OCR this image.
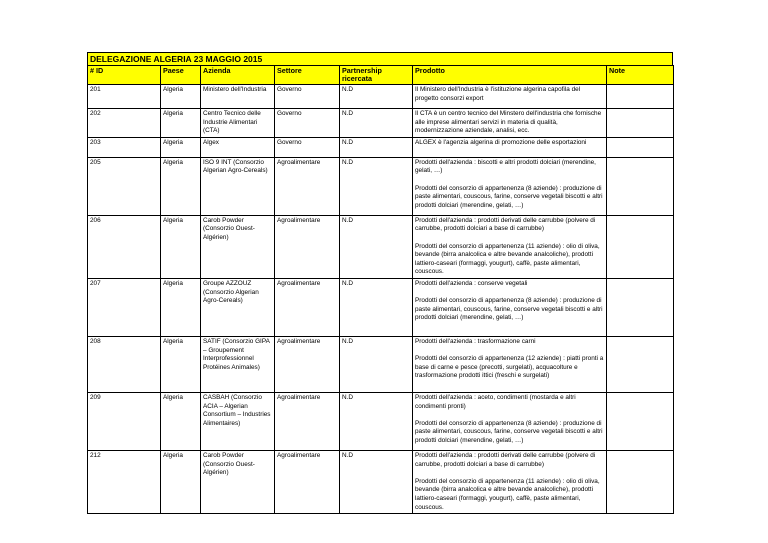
DELEGAZIONE ALGERIA 23 MAGGIO 2015
# ID	Paese	Azienda	Settore	Partnership ricercata	Prodotto	Note
201	Algeria	Ministero dell'Industria	Governo	N.D	Il Ministero dell'Industria è l'istituzione algerina capofila del progetto consorzi export	
202	Algeria	Centro Tecnico delle Industrie Alimentari (CTA)	Governo	N.D	Il CTA è un centro tecnico del Minstero dell'industria che fornische alle imprese alimentari servizi in materia di qualità, modernizzazione aziendale, analisi, ecc.	
203	Algeria	Algex	Governo	N.D	ALGEX è l'agenzia algerina di promozione delle esportazioni	
205	Algeria	ISO 9 INT (Consorzio Algerian Agro-Cereals)	Agroalimentare	N.D	Prodotti dell'azienda : biscotti e altri prodotti dolciari (merendine, gelati, …)

Prodotti del consorzio di appartenenza (8 aziende) : produzione di paste alimentari, couscous, farine, conserve vegetali biscotti e altri prodotti dolciari (merendine, gelati, …)	
206	Algeria	Carob Powder (Consorzio Ouest-Algérien)	Agroalimentare	N.D	Prodotti dell'azienda : prodotti derivati delle carrubbe (polvere di carrubbe, prodotti dolciari a base di carrubbe)

Prodotti del consorzio di appartenenza (11 aziende) : olio di oliva, bevande (birra analcolica e altre bevande analcoliche), prodotti lattiero-caseari (formaggi, yougurt), caffè, paste alimentari, couscous.	
207	Algeria	Groupe AZZOUZ (Consorzio Algerian Agro-Cereals)	Agroalimentare	N.D	Prodotti dell'azienda : conserve vegetali

Prodotti del consorzio di appartenenza (8 aziende) : produzione di paste alimentari, couscous, farine, conserve vegetali biscotti e altri prodotti dolciari (merendine, gelati, …)	
208	Algeria	SATIF (Consorzio GIPA – Groupement Interprofessionnel Protéines Animales)	Agroalimentare	N.D	Prodotti dell'azienda : trasformazione carni

Prodotti del consorzio di appartenenza (12 aziende) : piatti pronti a base di carne e pesce (precotti, surgelati), acquacolture e trasformazione prodotti ittici (freschi e surgelati)	
209	Algeria	CASBAH (Consorzio ACIA – Algerian Consortium – Industries Alimentaires)	Agroalimentare	N.D	Prodotti dell'azienda : aceto, condimenti (mostarda e altri condimenti pronti)

Prodotti del consorzio di appartenenza (8 aziende) : produzione di paste alimentari, couscous, farine, conserve vegetali biscotti e altri prodotti dolciari (merendine, gelati, …)	
212	Algeria	Carob Powder (Consorzio Ouest-Algérien)	Agroalimentare	N.D	Prodotti dell'azienda : prodotti derivati delle carrubbe (polvere di carrubbe, prodotti dolciari a base di carrubbe)

Prodotti del consorzio di appartenenza (11 aziende) : olio di oliva, bevande (birra analcolica e altre bevande analcoliche), prodotti lattiero-caseari (formaggi, yougurt), caffè, paste alimentari, couscous.	
